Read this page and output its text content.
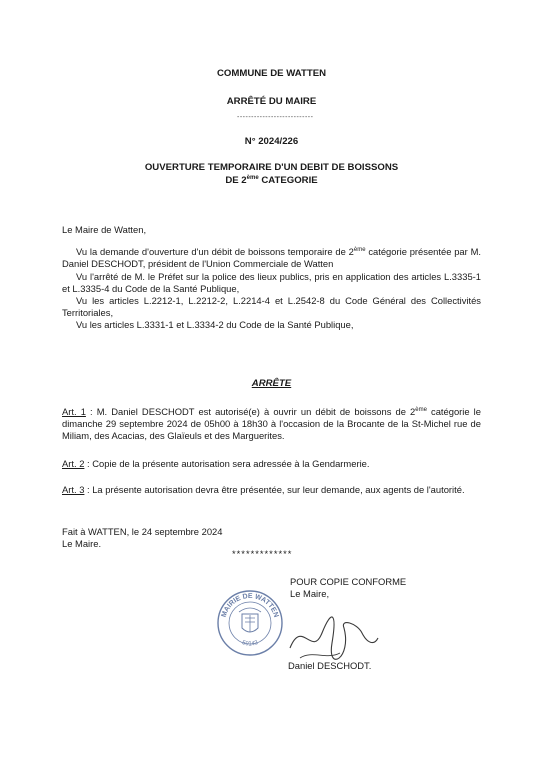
COMMUNE DE WATTEN
ARRÊTÉ DU MAIRE
---------------------------
N° 2024/226
OUVERTURE TEMPORAIRE D'UN DEBIT DE BOISSONS
DE 2ème CATEGORIE

Le Maire de Watten,

Vu la demande d'ouverture d'un débit de boissons temporaire de 2ème catégorie présentée par M. Daniel DESCHODT, président de l'Union Commerciale de Watten

Vu l'arrêté de M. le Préfet sur la police des lieux publics, pris en application des articles L.3335-1 et L.3335-4 du Code de la Santé Publique,

Vu les articles L.2212-1, L.2212-2, L.2214-4 et L.2542-8 du Code Général des Collectivités Territoriales,

Vu les articles L.3331-1 et L.3334-2 du Code de la Santé Publique,

ARRÊTE

Art. 1 : M. Daniel DESCHODT est autorisé(e) à ouvrir un débit de boissons de 2ème catégorie le dimanche 29 septembre 2024 de 05h00 à 18h30 à l'occasion de la Brocante de la St-Michel rue de Miliam, des Acacias, des Glaïeuls et des Marguerites.

Art. 2 : Copie de la présente autorisation sera adressée à la Gendarmerie.

Art. 3 : La présente autorisation devra être présentée, sur leur demande, aux agents de l'autorité.

Fait à WATTEN, le 24 septembre 2024

Le Maire.

*************
POUR COPIE CONFORME
Le Maire,
MAIRIE DE WATTEN
59143
Daniel DESCHODT.
